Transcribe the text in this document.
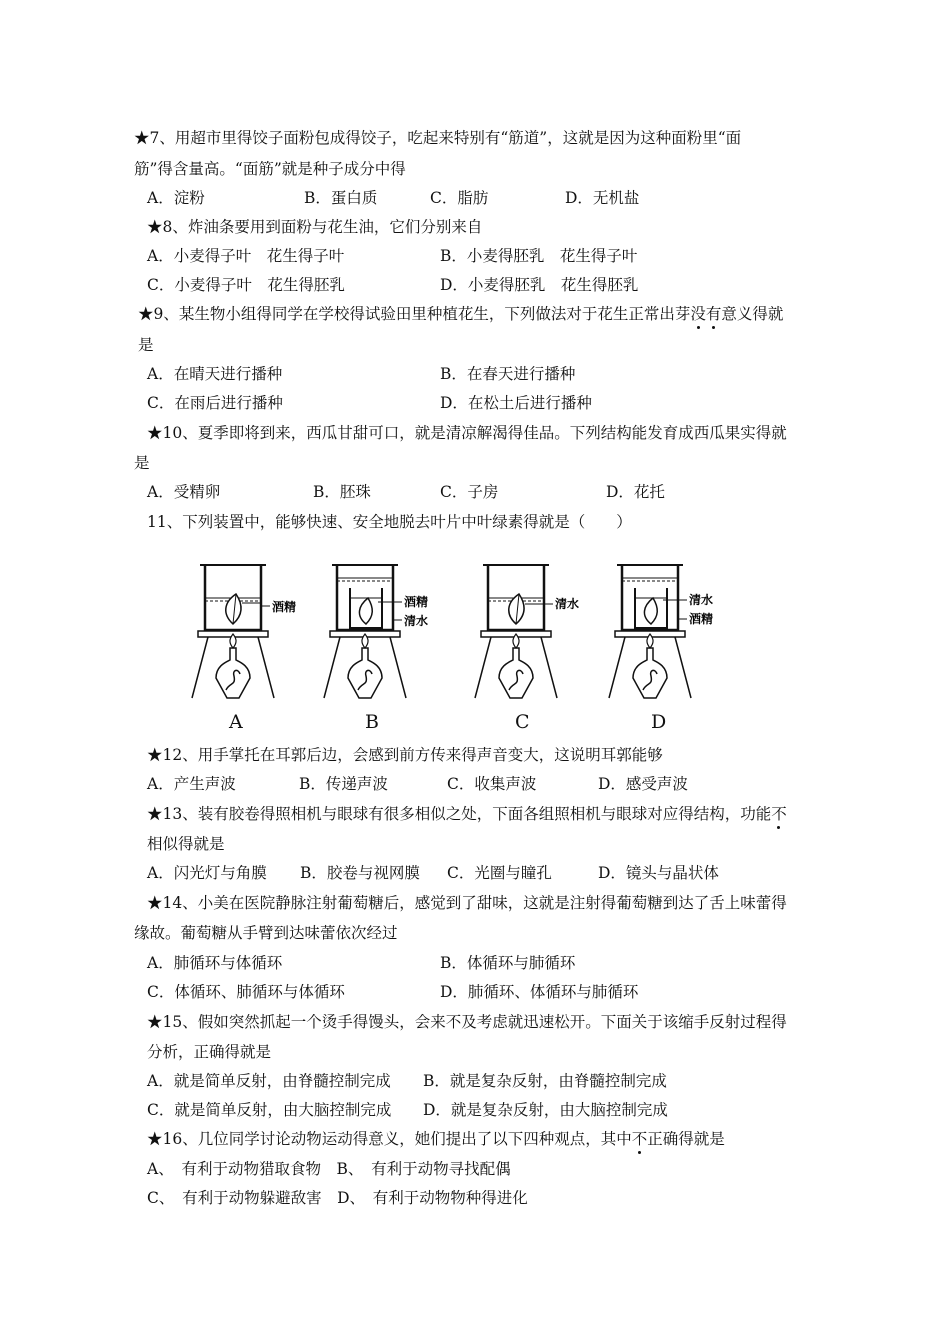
★7、用超市里得饺子面粉包成得饺子，吃起来特别有“筋道”，这就是因为这种面粉里“面
筋”得含量高。“面筋”就是种子成分中得
A．淀粉	B．蛋白质	C．脂肪	D．无机盐
★8、炸油条要用到面粉与花生油，它们分别来自
A．小麦得子叶　花生得子叶	B．小麦得胚乳　花生得子叶
C．小麦得子叶　花生得胚乳	D．小麦得胚乳　花生得胚乳
★9、某生物小组得同学在学校得试验田里种植花生，下列做法对于花生正常出芽没有意义得就
是
A．在晴天进行播种	B．在春天进行播种
C．在雨后进行播种	D．在松土后进行播种
★10、夏季即将到来，西瓜甘甜可口，就是清凉解渴得佳品。下列结构能发育成西瓜果实得就
是
A．受精卵	B．胚珠	C．子房	D．花托
11、下列装置中，能够快速、安全地脱去叶片中叶绿素得就是（　　）
酒精	酒精
清水
清水	清水
酒精
A	B	C	D
★12、用手掌托在耳郭后边，会感到前方传来得声音变大，这说明耳郭能够
A．产生声波	B．传递声波	C．收集声波	D．感受声波
★13、装有胶卷得照相机与眼球有很多相似之处，下面各组照相机与眼球对应得结构，功能不
相似得就是
A．闪光灯与角膜 B．胶卷与视网膜 C．光圈与瞳孔	D．镜头与晶状体
★14、小美在医院静脉注射葡萄糖后，感觉到了甜味，这就是注射得葡萄糖到达了舌上味蕾得
缘故。葡萄糖从手臂到达味蕾依次经过
A．肺循环与体循环	B．体循环与肺循环
C．体循环、肺循环与体循环	D．肺循环、体循环与肺循环
★15、假如突然抓起一个烫手得馒头，会来不及考虑就迅速松开。下面关于该缩手反射过程得
分析，正确得就是
A．就是简单反射，由脊髓控制完成 B．就是复杂反射，由脊髓控制完成
C．就是简单反射，由大脑控制完成 D．就是复杂反射，由大脑控制完成
★16、几位同学讨论动物运动得意义，她们提出了以下四种观点，其中不正确得就是
A、　有利于动物猎取食物　B、　有利于动物寻找配偶
C、　有利于动物躲避敌害　D、　有利于动物物种得进化
